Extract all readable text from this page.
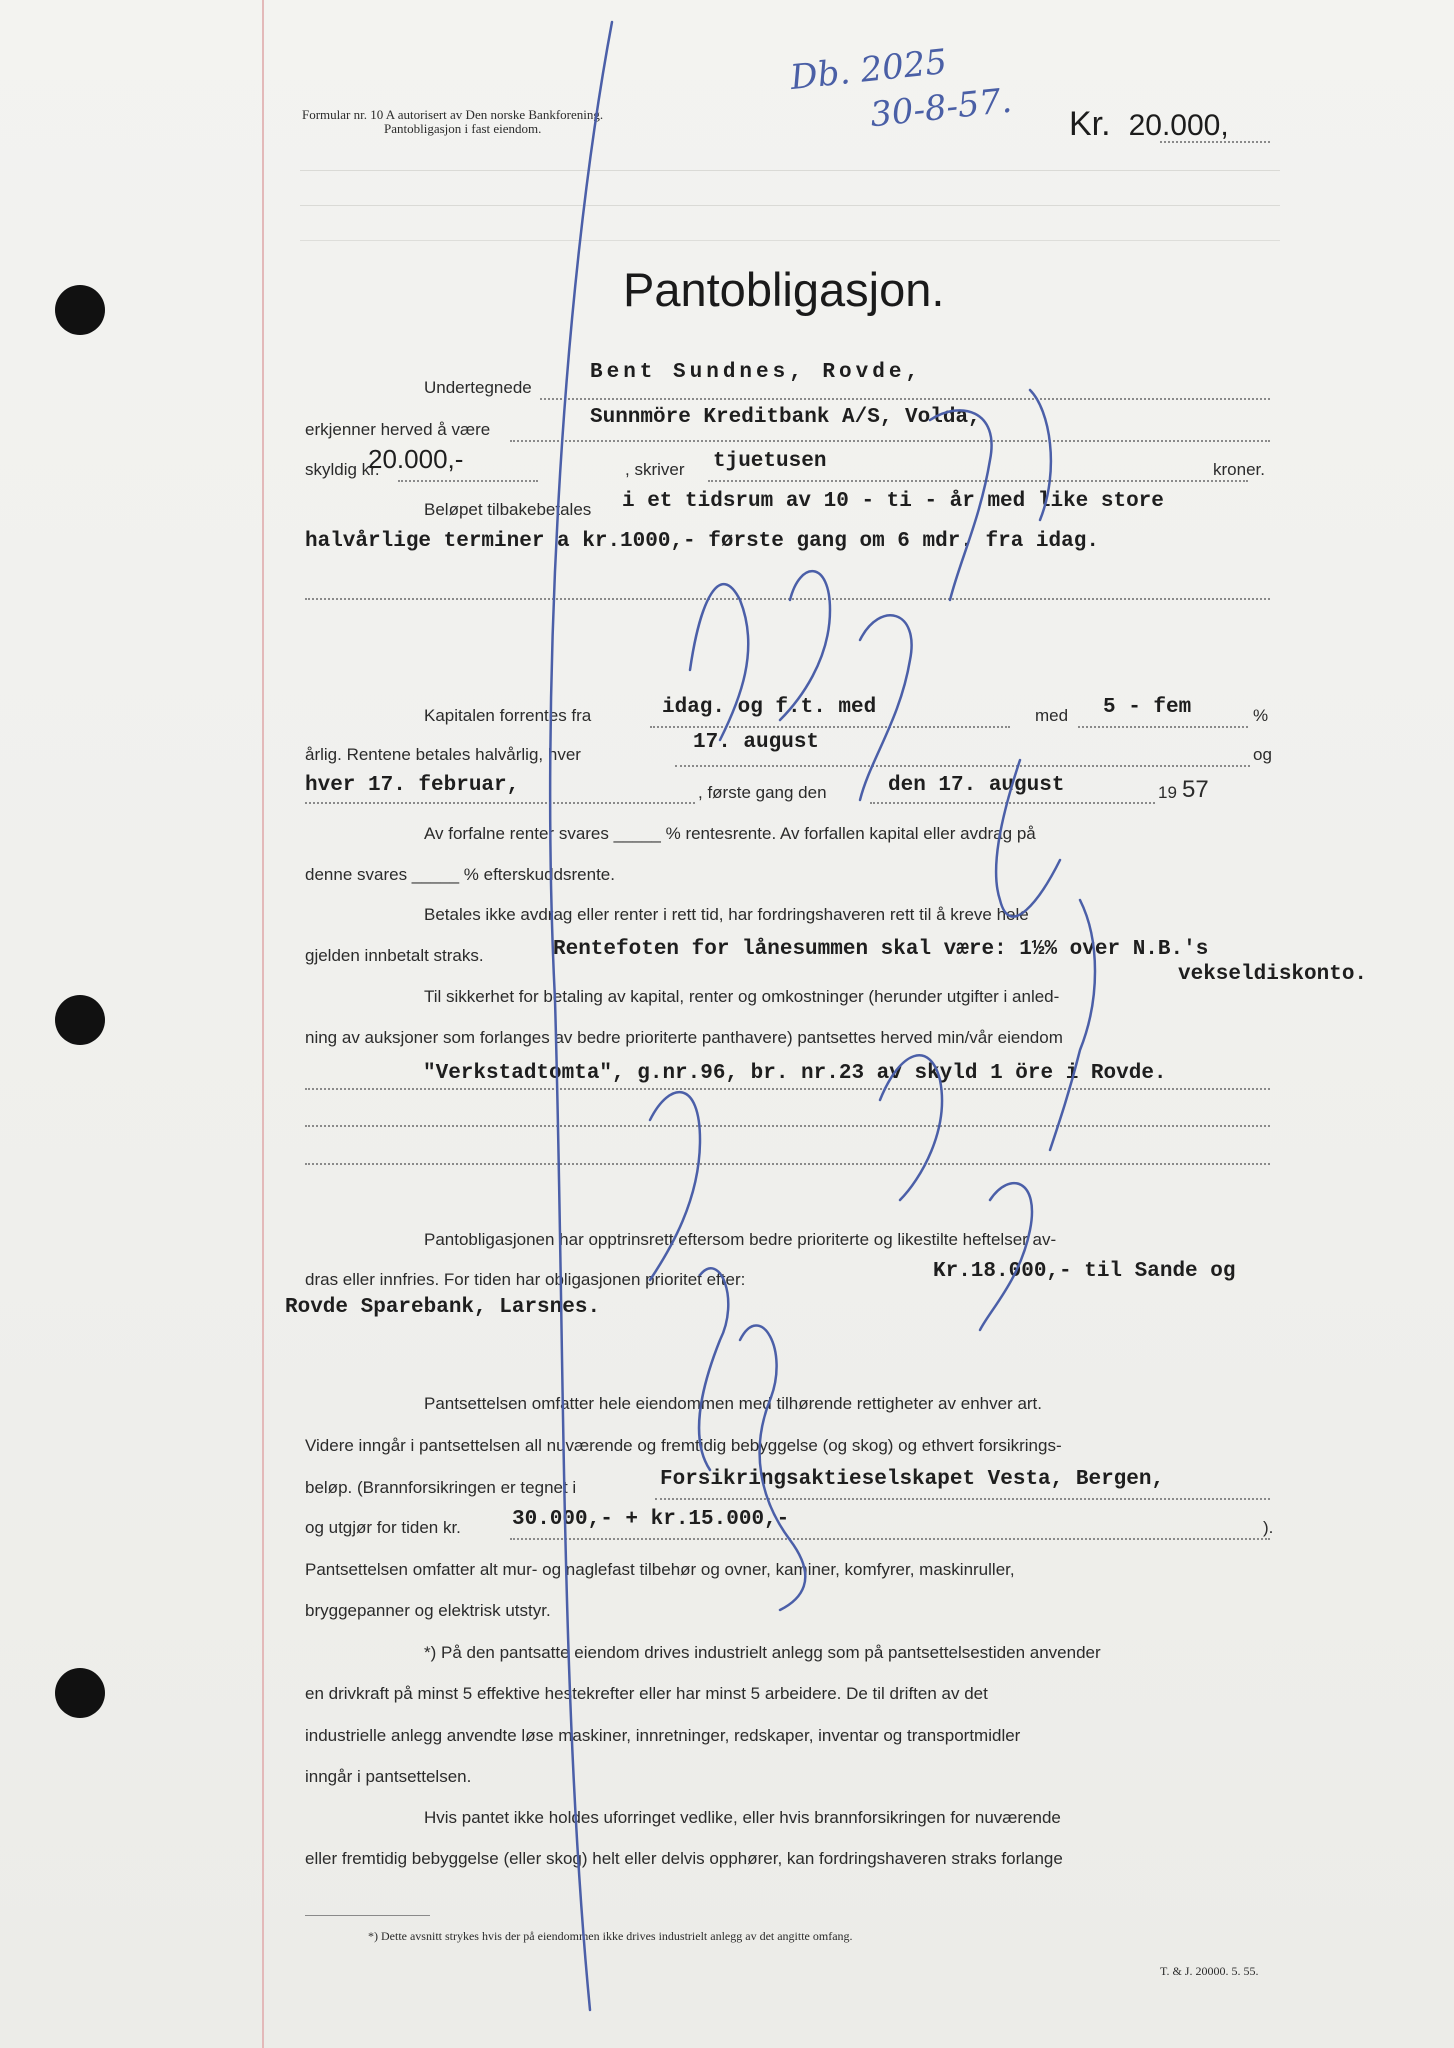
Formular nr. 10 A autorisert av Den norske Bankforening.
Pantobligasjon i fast eiendom.
Db. 2025
30-8-57. Kr. 20.000,
Pantobligasjon.
Undertegnede
Bent Sundnes, Rovde,
erkjenner herved å være
Sunnmöre Kreditbank A/S, Volda,
skyldig kr.
20.000,-	, skriver tjuetusen	kroner.
Beløpet tilbakebetales i et tidsrum av 10 - ti - år med like store
halvårlige terminer a kr.1000,- første gang om 6 mdr. fra idag.
Kapitalen forrentes fra	idag. og f.t. med	med 5 - fem	%
årlig. Rentene betales halvårlig, hver
17. august
og
hver 17. februar,	, første gang den	den 17. august	19 57
Av forfalne renter svares _____ % rentesrente. Av forfallen kapital eller avdrag på
denne svares _____ % efterskuddsrente.
Betales ikke avdrag eller renter i rett tid, har fordringshaveren rett til å kreve hele
gjelden innbetalt straks.	Rentefoten for lånesummen skal være: 1½% over N.B.'s
vekseldiskonto.
Til sikkerhet for betaling av kapital, renter og omkostninger (herunder utgifter i anled-
ning av auksjoner som forlanges av bedre prioriterte panthavere) pantsettes herved min/vår eiendom
"Verkstadtomta", g.nr.96, br. nr.23 av skyld 1 öre i Rovde.
Pantobligasjonen har opptrinsrett eftersom bedre prioriterte og likestilte heftelser av-
dras eller innfries. For tiden har obligasjonen prioritet efter:	Kr.18.000,- til Sande og
Rovde Sparebank, Larsnes.
Pantsettelsen omfatter hele eiendommen med tilhørende rettigheter av enhver art.
Videre inngår i pantsettelsen all nuværende og fremtidig bebyggelse (og skog) og ethvert forsikrings-
beløp. (Brannforsikringen er tegnet i	Forsikringsaktieselskapet Vesta, Bergen,
og utgjør for tiden kr. 30.000,- + kr.15.000,-	).
Pantsettelsen omfatter alt mur- og naglefast tilbehør og ovner, kaminer, komfyrer, maskinruller,
bryggepanner og elektrisk utstyr.
*) På den pantsatte eiendom drives industrielt anlegg som på pantsettelsestiden anvender
en drivkraft på minst 5 effektive hestekrefter eller har minst 5 arbeidere. De til driften av det
industrielle anlegg anvendte løse maskiner, innretninger, redskaper, inventar og transportmidler
inngår i pantsettelsen.
Hvis pantet ikke holdes uforringet vedlike, eller hvis brannforsikringen for nuværende
eller fremtidig bebyggelse (eller skog) helt eller delvis opphører, kan fordringshaveren straks forlange
*) Dette avsnitt strykes hvis der på eiendommen ikke drives industrielt anlegg av det angitte omfang.
T. & J. 20000. 5. 55.
